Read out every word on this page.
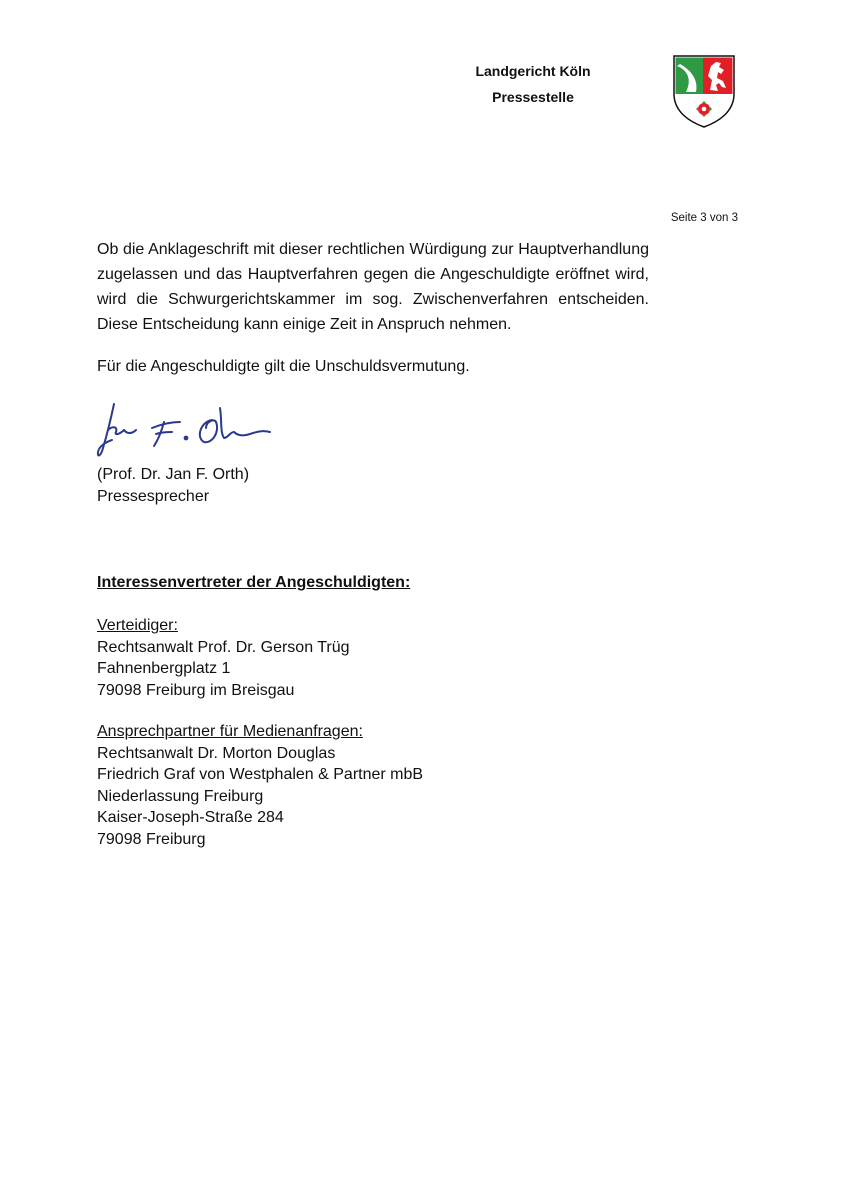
Landgericht Köln
Pressestelle
Seite 3 von 3

Ob die Anklageschrift mit dieser rechtlichen Würdigung zur Hauptverhandlung zugelassen und das Hauptverfahren gegen die Angeschuldigte eröffnet wird, wird die Schwurgerichtskammer im sog. Zwischenverfahren entscheiden. Diese Entscheidung kann einige Zeit in Anspruch nehmen.

Für die Angeschuldigte gilt die Unschuldsvermutung.

(Prof. Dr. Jan F. Orth)
Pressesprecher
Interessenvertreter der Angeschuldigten:
Verteidiger:
Rechtsanwalt Prof. Dr. Gerson Trüg
Fahnenbergplatz 1
79098 Freiburg im Breisgau
Ansprechpartner für Medienanfragen:
Rechtsanwalt Dr. Morton Douglas
Friedrich Graf von Westphalen & Partner mbB
Niederlassung Freiburg
Kaiser-Joseph-Straße 284
79098 Freiburg
